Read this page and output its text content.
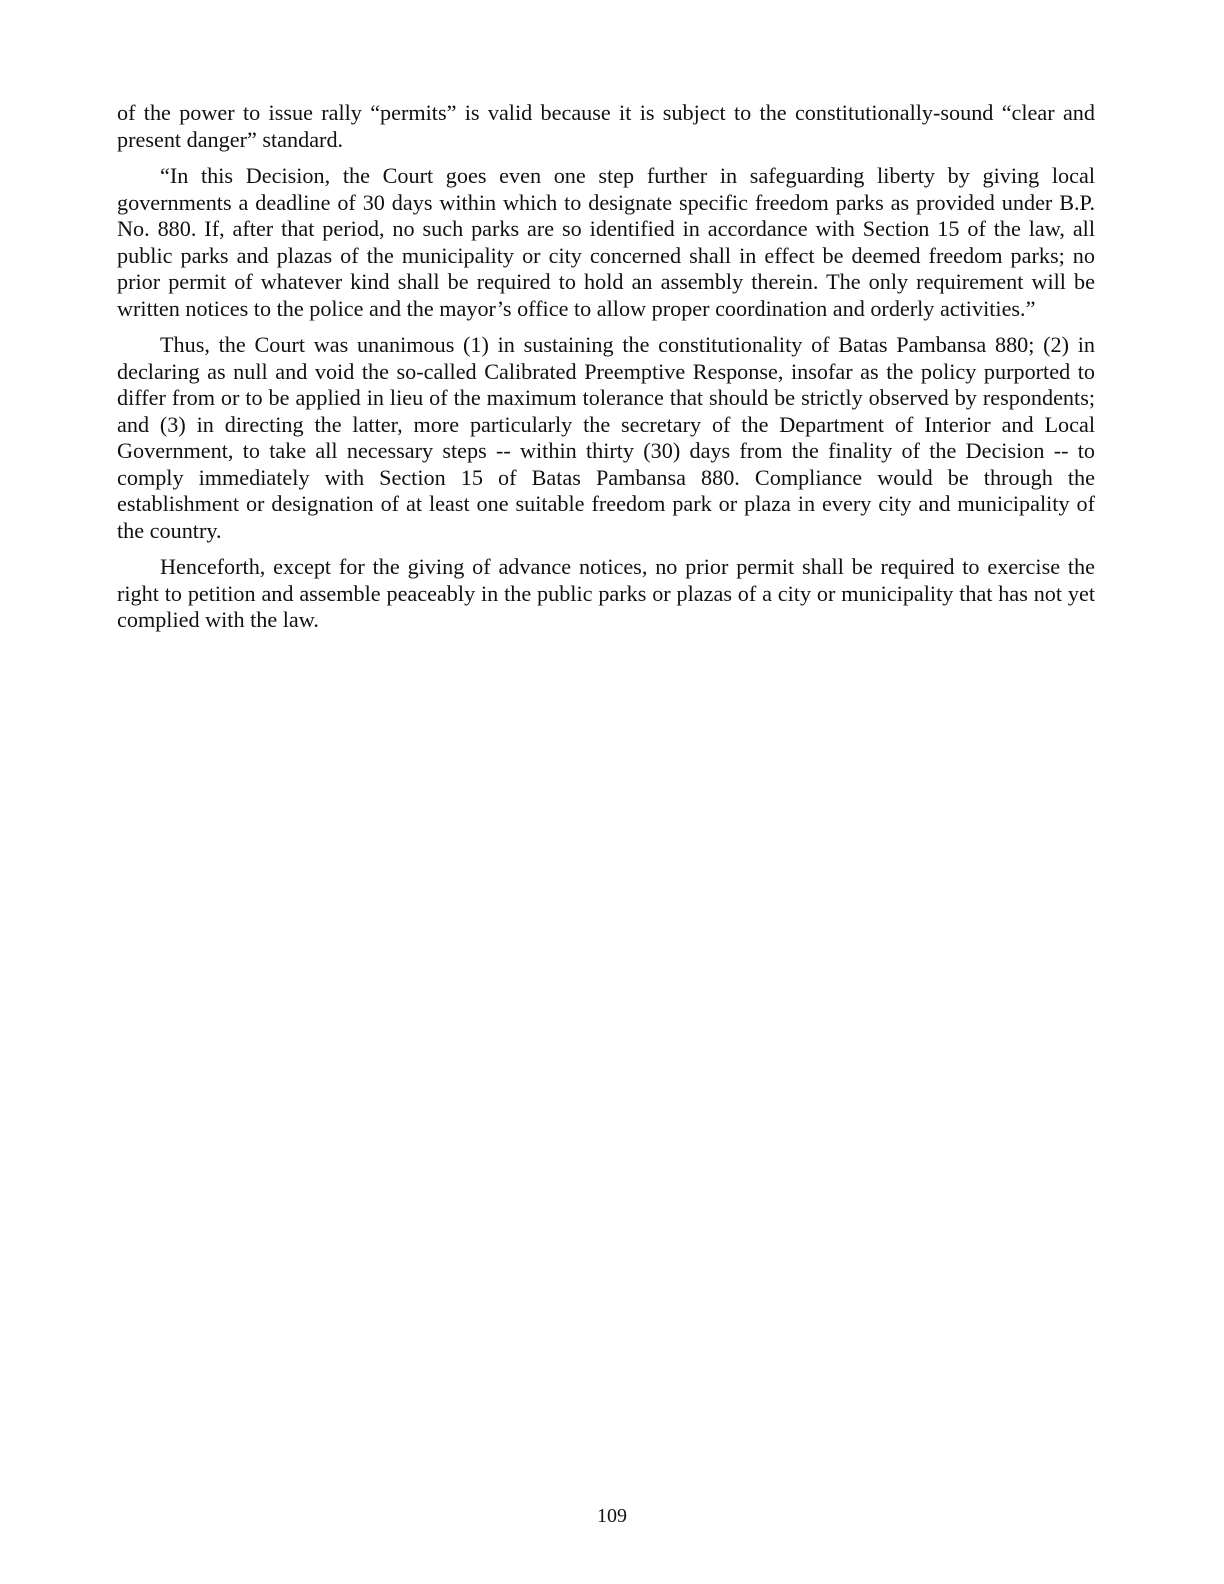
of the power to issue rally “permits” is valid because it is subject to the constitutionally-sound “clear and present danger” standard.

“In this Decision, the Court goes even one step further in safeguarding liberty by giving local governments a deadline of 30 days within which to designate specific freedom parks as provided under B.P. No. 880. If, after that period, no such parks are so identified in accordance with Section 15 of the law, all public parks and plazas of the municipality or city concerned shall in effect be deemed freedom parks; no prior permit of whatever kind shall be required to hold an assembly therein. The only requirement will be written notices to the police and the mayor’s office to allow proper coordination and orderly activities.”

Thus, the Court was unanimous (1) in sustaining the constitutionality of Batas Pambansa 880; (2) in declaring as null and void the so-called Calibrated Preemptive Response, insofar as the policy purported to differ from or to be applied in lieu of the maximum tolerance that should be strictly observed by respondents; and (3) in directing the latter, more particularly the secretary of the Department of Interior and Local Government, to take all necessary steps -- within thirty (30) days from the finality of the Decision -- to comply immediately with Section 15 of Batas Pambansa 880. Compliance would be through the establishment or designation of at least one suitable freedom park or plaza in every city and municipality of the country.

Henceforth, except for the giving of advance notices, no prior permit shall be required to exercise the right to petition and assemble peaceably in the public parks or plazas of a city or municipality that has not yet complied with the law.

109
